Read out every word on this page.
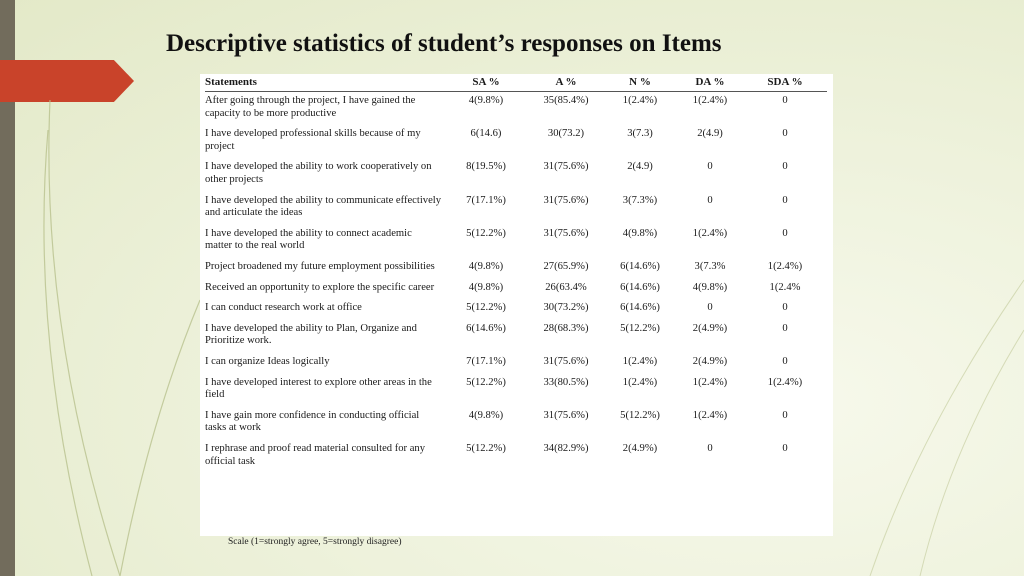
Descriptive statistics of student’s responses on Items
Statements	SA %	A %	N %	DA %	SDA %
After going through the project, I have gained the capacity to be more productive	4(9.8%)	35(85.4%)	1(2.4%)	1(2.4%)	0
I have developed professional skills because of my project	6(14.6)	30(73.2)	3(7.3)	2(4.9)	0
I have developed the ability to work cooperatively on other projects	8(19.5%)	31(75.6%)	2(4.9)	0	0
I have developed the ability to communicate effectively and articulate the ideas	7(17.1%)	31(75.6%)	3(7.3%)	0	0
I have developed the ability to connect academic matter to the real world	5(12.2%)	31(75.6%)	4(9.8%)	1(2.4%)	0
Project broadened my future employment possibilities	4(9.8%)	27(65.9%)	6(14.6%)	3(7.3%	1(2.4%)
Received an opportunity to explore the specific career	4(9.8%)	26(63.4%	6(14.6%)	4(9.8%)	1(2.4%
I can conduct research work at office	5(12.2%)	30(73.2%)	6(14.6%)	0	0
I have developed the ability to Plan, Organize and Prioritize work.	6(14.6%)	28(68.3%)	5(12.2%)	2(4.9%)	0
I can organize Ideas logically	7(17.1%)	31(75.6%)	1(2.4%)	2(4.9%)	0
I have developed interest to explore other areas in the field	5(12.2%)	33(80.5%)	1(2.4%)	1(2.4%)	1(2.4%)
I have gain more confidence in conducting official tasks at work	4(9.8%)	31(75.6%)	5(12.2%)	1(2.4%)	0
I rephrase and proof read material consulted for any official task	5(12.2%)	34(82.9%)	2(4.9%)	0	0
Scale (1=strongly agree, 5=strongly disagree)
